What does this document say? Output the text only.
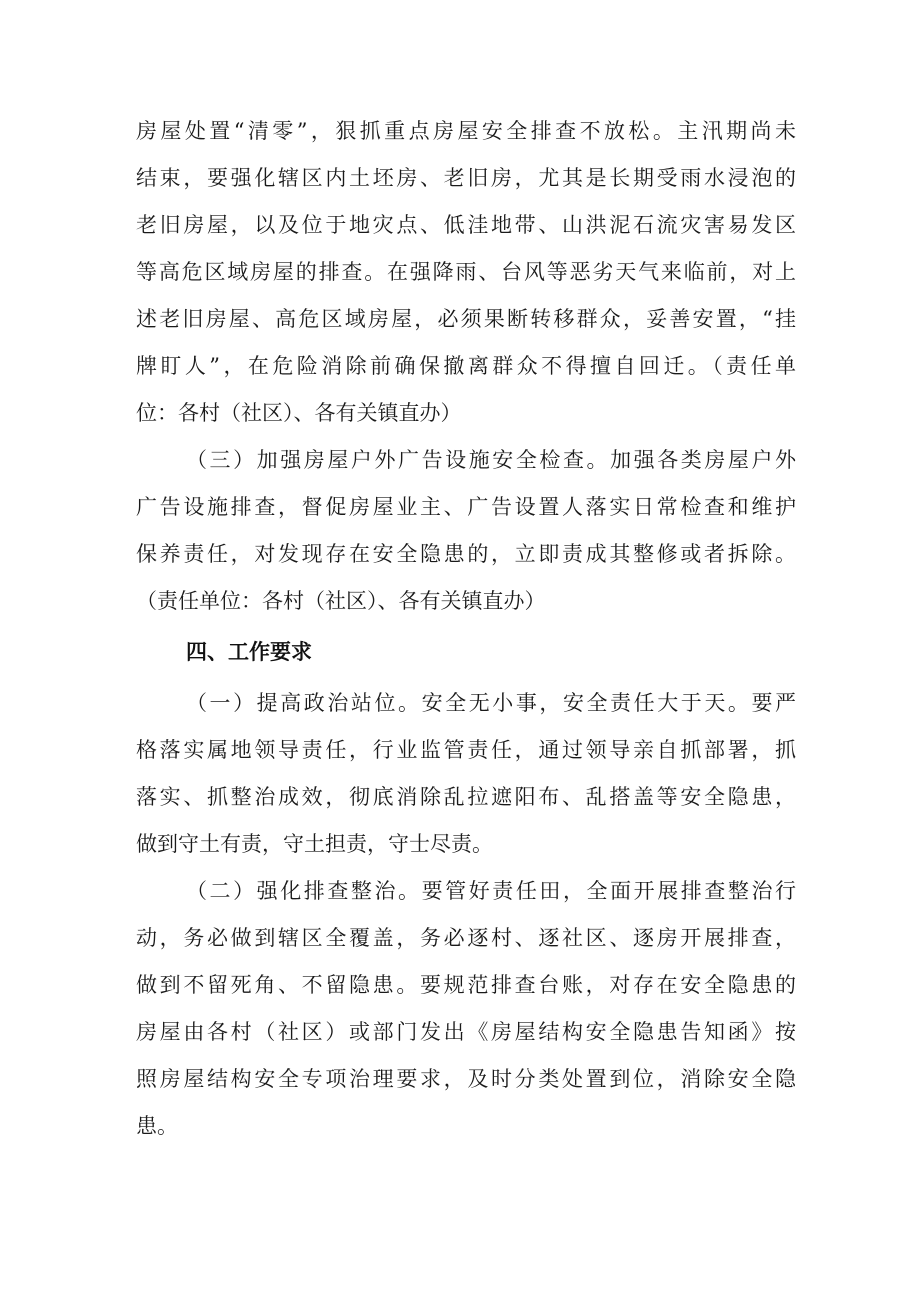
房屋处置“清零”，狠抓重点房屋安全排查不放松。主汛期尚未
结束，要强化辖区内土坯房、老旧房，尤其是长期受雨水浸泡的
老旧房屋，以及位于地灾点、低洼地带、山洪泥石流灾害易发区
等高危区域房屋的排查。在强降雨、台风等恶劣天气来临前，对上
述老旧房屋、高危区域房屋，必须果断转移群众，妥善安置，“挂
牌盯人”，在危险消除前确保撤离群众不得擅自回迁。（责任单
位：各村（社区）、各有关镇直办）
（三）加强房屋户外广告设施安全检查。加强各类房屋户外
广告设施排查，督促房屋业主、广告设置人落实日常检查和维护
保养责任，对发现存在安全隐患的，立即责成其整修或者拆除。
（责任单位：各村（社区）、各有关镇直办）
四、工作要求
（一）提高政治站位。安全无小事，安全责任大于天。要严
格落实属地领导责任，行业监管责任，通过领导亲自抓部署，抓
落实、抓整治成效，彻底消除乱拉遮阳布、乱搭盖等安全隐患，
做到守土有责，守土担责，守士尽责。
（二）强化排查整治。要管好责任田，全面开展排查整治行
动，务必做到辖区全覆盖，务必逐村、逐社区、逐房开展排查，
做到不留死角、不留隐患。要规范排查台账，对存在安全隐患的
房屋由各村（社区）或部门发出《房屋结构安全隐患告知函》按
照房屋结构安全专项治理要求，及时分类处置到位，消除安全隐
患。
